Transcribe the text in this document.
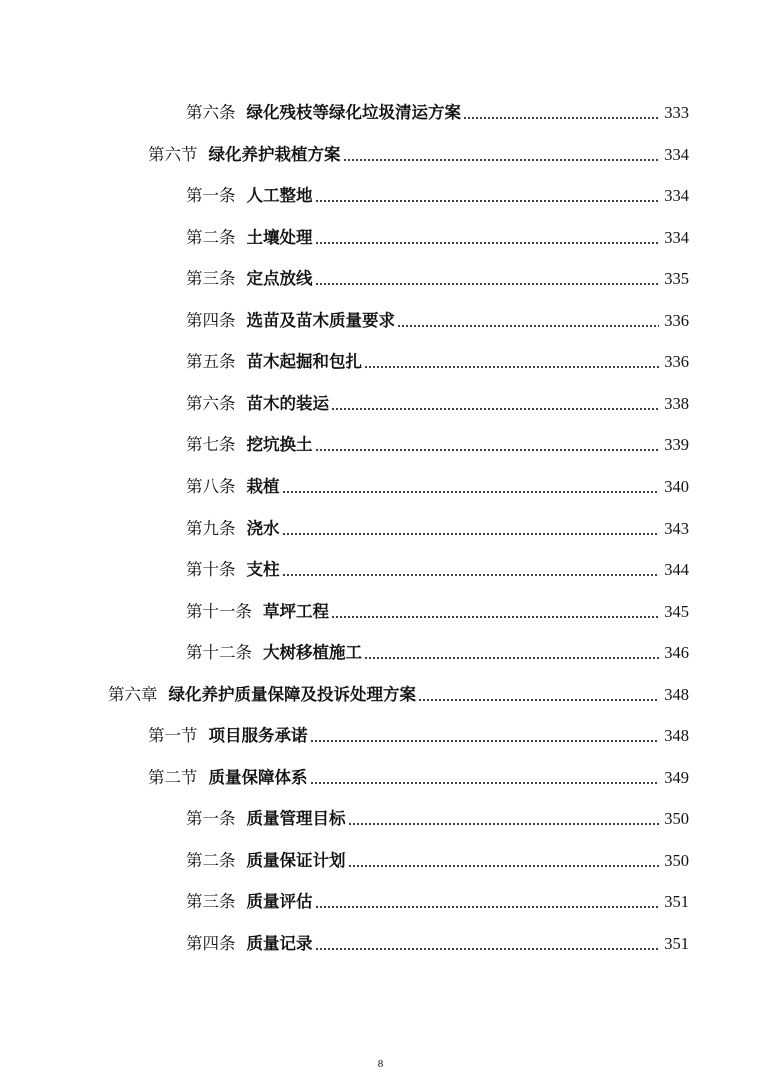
第六条 绿化残枝等绿化垃圾清运方案	333
第六节 绿化养护栽植方案	334
第一条 人工整地	334
第二条 土壤处理	334
第三条 定点放线	335
第四条 选苗及苗木质量要求	336
第五条 苗木起掘和包扎	336
第六条 苗木的装运	338
第七条 挖坑换土	339
第八条 栽植	340
第九条 浇水	343
第十条 支柱	344
第十一条 草坪工程	345
第十二条 大树移植施工	346
第六章 绿化养护质量保障及投诉处理方案	348
第一节 项目服务承诺	348
第二节 质量保障体系	349
第一条 质量管理目标	350
第二条 质量保证计划	350
第三条 质量评估	351
第四条 质量记录	351
8
